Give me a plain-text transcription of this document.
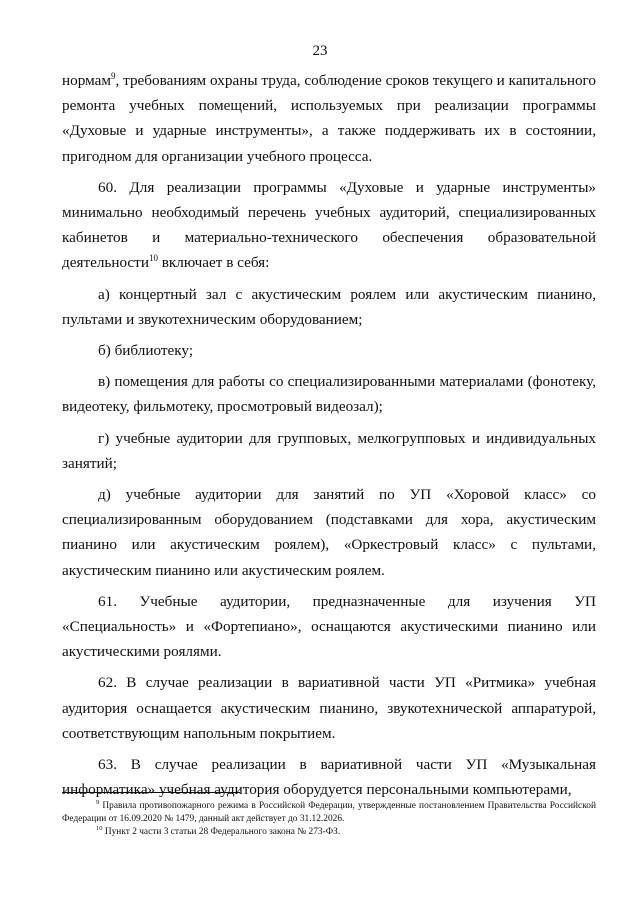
23

нормам$^9$, требованиям охраны труда, соблюдение сроков текущего и капитального ремонта учебных помещений, используемых при реализации программы «Духовые и ударные инструменты», а также поддерживать их в состоянии, пригодном для организации учебного процесса.

60. Для реализации программы «Духовые и ударные инструменты» минимально необходимый перечень учебных аудиторий, специализированных кабинетов и материально-технического обеспечения образовательной деятельности$^{10}$ включает в себя:

а) концертный зал с акустическим роялем или акустическим пианино, пультами и звукотехническим оборудованием;

б) библиотеку;

в) помещения для работы со специализированными материалами (фонотеку, видеотеку, фильмотеку, просмотровый видеозал);

г) учебные аудитории для групповых, мелкогрупповых и индивидуальных занятий;

д) учебные аудитории для занятий по УП «Хоровой класс» со специализированным оборудованием (подставками для хора, акустическим пианино или акустическим роялем), «Оркестровый класс» с пультами, акустическим пианино или акустическим роялем.

61. Учебные аудитории, предназначенные для изучения УП «Специальность» и «Фортепиано», оснащаются акустическими пианино или акустическими роялями.

62. В случае реализации в вариативной части УП «Ритмика» учебная аудитория оснащается акустическим пианино, звукотехнической аппаратурой, соответствующим напольным покрытием.

63. В случае реализации в вариативной части УП «Музыкальная информатика» учебная аудитория оборудуется персональными компьютерами,

$^9$ Правила противопожарного режима в Российской Федерации, утвержденные постановлением Правительства Российской Федерации от 16.09.2020 № 1479, данный акт действует до 31.12.2026.

$^{10}$ Пункт 2 части 3 статьи 28 Федерального закона № 273-ФЗ.
